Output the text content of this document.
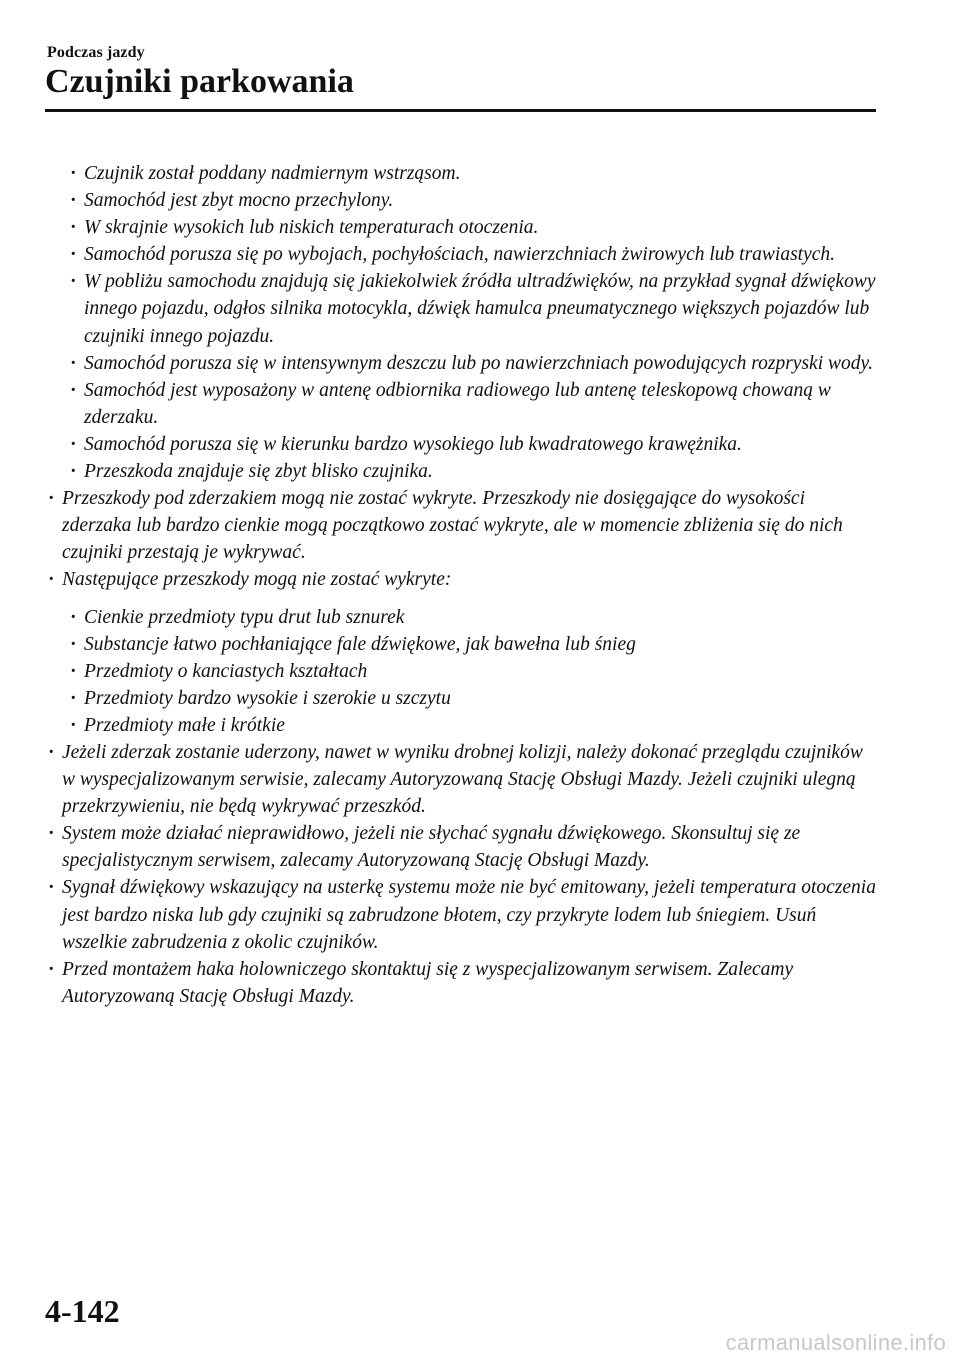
Podczas jazdy
Czujniki parkowania
· Czujnik został poddany nadmiernym wstrząsom.
· Samochód jest zbyt mocno przechylony.
· W skrajnie wysokich lub niskich temperaturach otoczenia.
· Samochód porusza się po wybojach, pochyłościach, nawierzchniach żwirowych lub trawiastych.
· W pobliżu samochodu znajdują się jakiekolwiek źródła ultradźwięków, na przykład sygnał dźwiękowy innego pojazdu, odgłos silnika motocykla, dźwięk hamulca pneumatycznego większych pojazdów lub czujniki innego pojazdu.
· Samochód porusza się w intensywnym deszczu lub po nawierzchniach powodujących rozpryski wody.
· Samochód jest wyposażony w antenę odbiornika radiowego lub antenę teleskopową chowaną w zderzaku.
· Samochód porusza się w kierunku bardzo wysokiego lub kwadratowego krawężnika.
· Przeszkoda znajduje się zbyt blisko czujnika.
· Przeszkody pod zderzakiem mogą nie zostać wykryte. Przeszkody nie dosięgające do wysokości zderzaka lub bardzo cienkie mogą początkowo zostać wykryte, ale w momencie zbliżenia się do nich czujniki przestają je wykrywać.
· Następujące przeszkody mogą nie zostać wykryte:
· Cienkie przedmioty typu drut lub sznurek
· Substancje łatwo pochłaniające fale dźwiękowe, jak bawełna lub śnieg
· Przedmioty o kanciastych kształtach
· Przedmioty bardzo wysokie i szerokie u szczytu
· Przedmioty małe i krótkie
· Jeżeli zderzak zostanie uderzony, nawet w wyniku drobnej kolizji, należy dokonać przeglądu czujników w wyspecjalizowanym serwisie, zalecamy Autoryzowaną Stację Obsługi Mazdy. Jeżeli czujniki ulegną przekrzywieniu, nie będą wykrywać przeszkód.
· System może działać nieprawidłowo, jeżeli nie słychać sygnału dźwiękowego. Skonsultuj się ze specjalistycznym serwisem, zalecamy Autoryzowaną Stację Obsługi Mazdy.
· Sygnał dźwiękowy wskazujący na usterkę systemu może nie być emitowany, jeżeli temperatura otoczenia jest bardzo niska lub gdy czujniki są zabrudzone błotem, czy przykryte lodem lub śniegiem. Usuń wszelkie zabrudzenia z okolic czujników.
· Przed montażem haka holowniczego skontaktuj się z wyspecjalizowanym serwisem. Zalecamy Autoryzowaną Stację Obsługi Mazdy.
4-142
carmanualsonline.info
